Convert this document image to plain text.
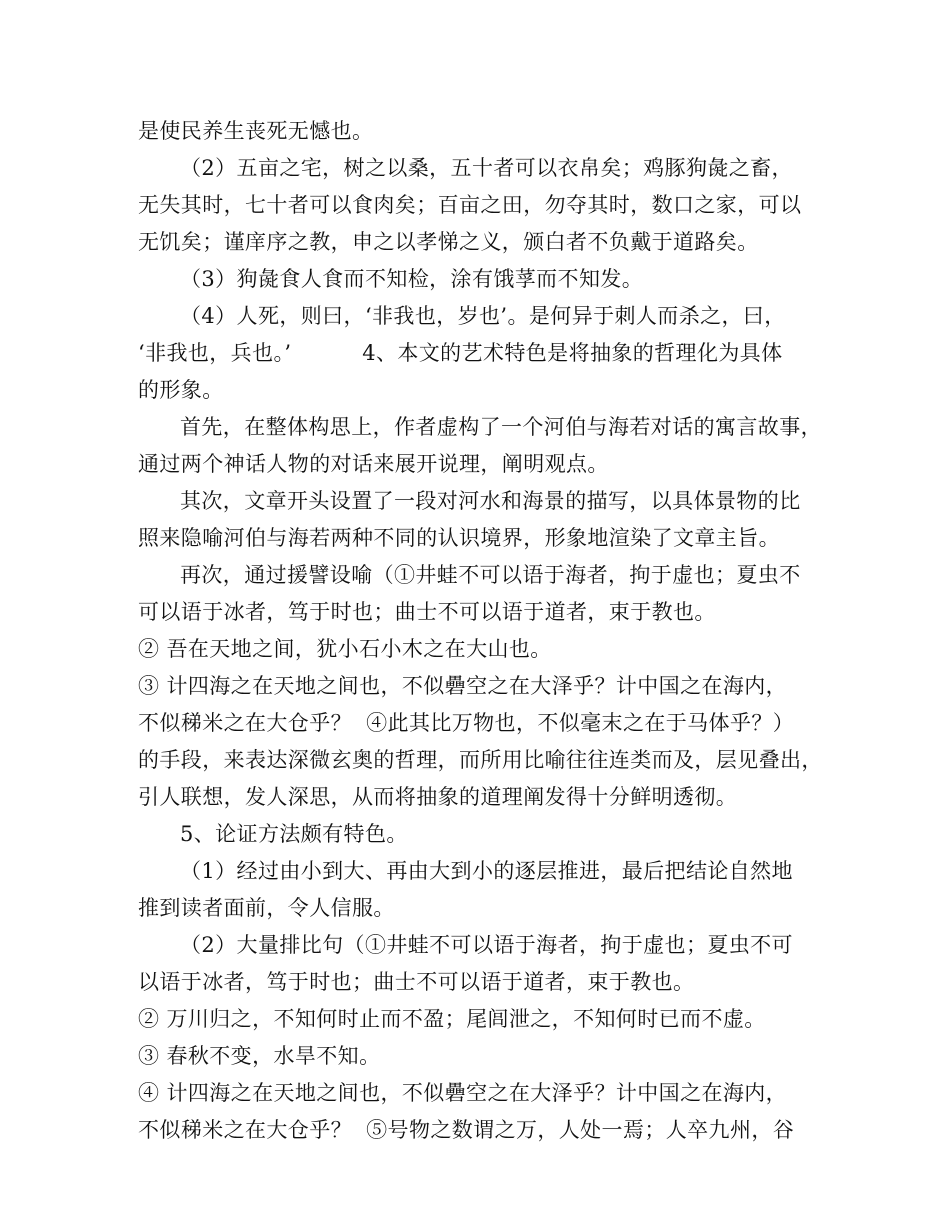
是使民养生丧死无憾也。
（2）五亩之宅，树之以桑，五十者可以衣帛矣；鸡豚狗彘之畜，
无失其时，七十者可以食肉矣；百亩之田，勿夺其时，数口之家，可以
无饥矣；谨庠序之教，申之以孝悌之义，颁白者不负戴于道路矣。
（3）狗彘食人食而不知检，涂有饿莩而不知发。
（4）人死，则曰，‘非我也，岁也’。是何异于刺人而杀之，曰，
‘非我也，兵也。’          4、本文的艺术特色是将抽象的哲理化为具体
的形象。
首先，在整体构思上，作者虚构了一个河伯与海若对话的寓言故事，
通过两个神话人物的对话来展开说理，阐明观点。
其次，文章开头设置了一段对河水和海景的描写，以具体景物的比
照来隐喻河伯与海若两种不同的认识境界，形象地渲染了文章主旨。
再次，通过援譬设喻（①井蛙不可以语于海者，拘于虚也；夏虫不
可以语于冰者，笃于时也；曲士不可以语于道者，束于教也。
② 吾在天地之间，犹小石小木之在大山也。
③ 计四海之在天地之间也，不似礨空之在大泽乎？计中国之在海内，
不似稊米之在大仓乎？  ④此其比万物也，不似毫末之在于马体乎？）
的手段，来表达深微玄奥的哲理，而所用比喻往往连类而及，层见叠出，
引人联想，发人深思，从而将抽象的道理阐发得十分鲜明透彻。
5、论证方法颇有特色。
（1）经过由小到大、再由大到小的逐层推进，最后把结论自然地
推到读者面前，令人信服。
（2）大量排比句（①井蛙不可以语于海者，拘于虚也；夏虫不可
以语于冰者，笃于时也；曲士不可以语于道者，束于教也。
② 万川归之，不知何时止而不盈；尾闾泄之，不知何时已而不虚。
③ 春秋不变，水旱不知。
④ 计四海之在天地之间也，不似礨空之在大泽乎？计中国之在海内，
不似稊米之在大仓乎？  ⑤号物之数谓之万，人处一焉；人卒九州，谷
